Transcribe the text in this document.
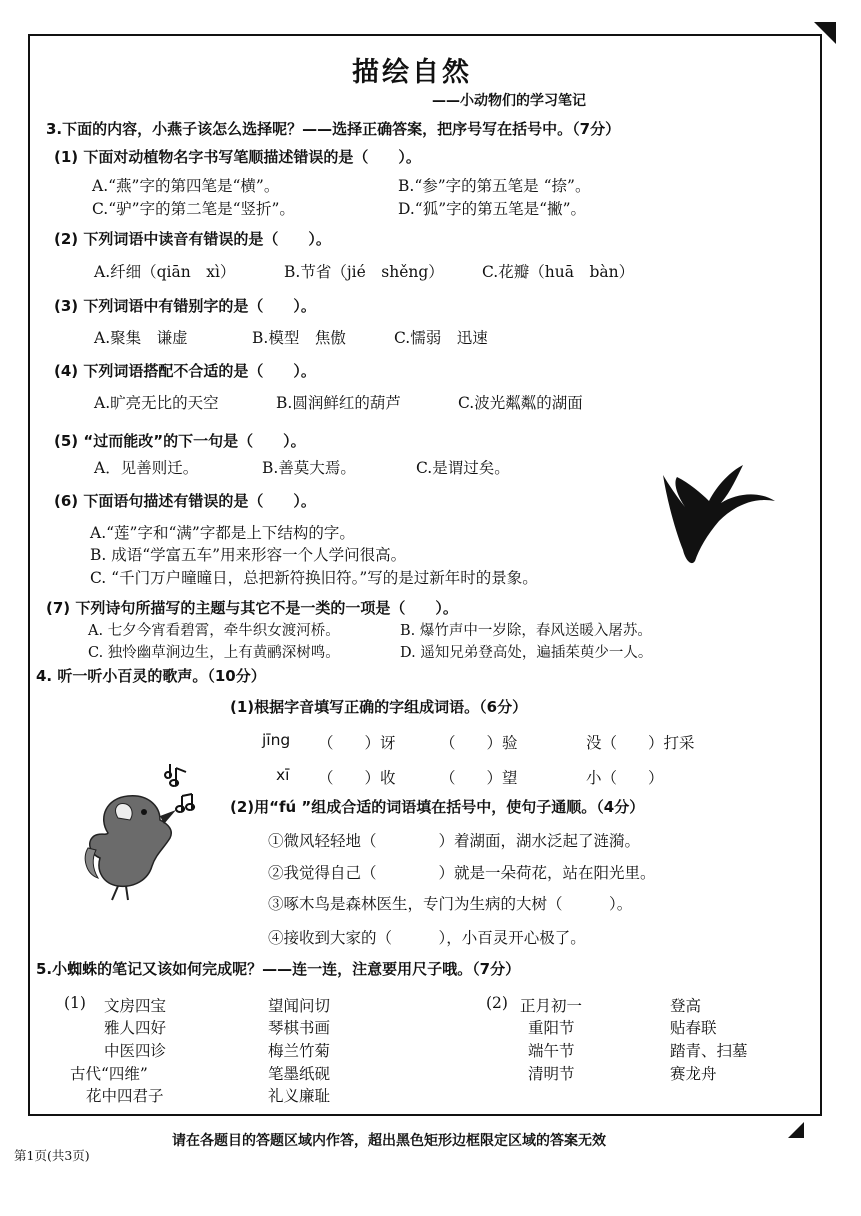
描绘自然
——小动物们的学习笔记
3.下面的内容，小燕子该怎么选择呢？——选择正确答案，把序号写在括号中。（7分）
(1) 下面对动植物名字书写笔顺描述错误的是（　　）。
A.“燕”字的第四笔是“横”。	B.“参”字的第五笔是 “捺”。
C.“驴”字的第二笔是“竖折”。	D.“狐”字的第五笔是“撇”。
(2) 下列词语中读音有错误的是（　　）。
A.纤细（qiān　xì）	B.节省（jié　shěng） C.花瓣（huā　bàn）
(3) 下列词语中有错别字的是（　　）。
A.聚集　谦虚	B.模型　焦傲	C.懦弱　迅速
(4) 下列词语搭配不合适的是（　　）。
A.旷亮无比的天空	B.圆润鲜红的葫芦	C.波光粼粼的湖面
(5) “过而能改”的下一句是（　　）。
A．见善则迁。	B.善莫大焉。	C.是谓过矣。
(6) 下面语句描述有错误的是（　　）。
A.“莲”字和“满”字都是上下结构的字。
B. 成语“学富五车”用来形容一个人学问很高。
C. “千门万户曈曈日，总把新符换旧符。”写的是过新年时的景象。
(7) 下列诗句所描写的主题与其它不是一类的一项是（　　）。
A. 七夕今宵看碧霄，牵牛织女渡河桥。	B. 爆竹声中一岁除，春风送暖入屠苏。
C. 独怜幽草涧边生，上有黄鹂深树鸣。	D. 遥知兄弟登高处，遍插茱萸少一人。
4. 听一听小百灵的歌声。（10分）
(1)根据字音填写正确的字组成词语。（6分）
jīng （　　）讶	（　　）验	没（　　）打采
xī （　　）收	（　　）望	小（　　）
(2)用“fú ”组成合适的词语填在括号中，使句子通顺。（4分）
①微风轻轻地（　　　　）着湖面，湖水泛起了涟漪。
②我觉得自己（　　　　）就是一朵荷花，站在阳光里。
③啄木鸟是森林医生，专门为生病的大树（　　　）。
④接收到大家的（　　　），小百灵开心极了。
5.小蜘蛛的笔记又该如何完成呢？——连一连，注意要用尺子哦。（7分）
(1) 文房四宝
雅人四好
中医四诊
古代“四维”
花中四君子
望闻问切
琴棋书画
梅兰竹菊
笔墨纸砚
礼义廉耻
(2) 正月初一
重阳节
端午节
清明节
登高
贴春联
踏青、扫墓
赛龙舟
第1页(共3页)
请在各题目的答题区域内作答，超出黑色矩形边框限定区域的答案无效
